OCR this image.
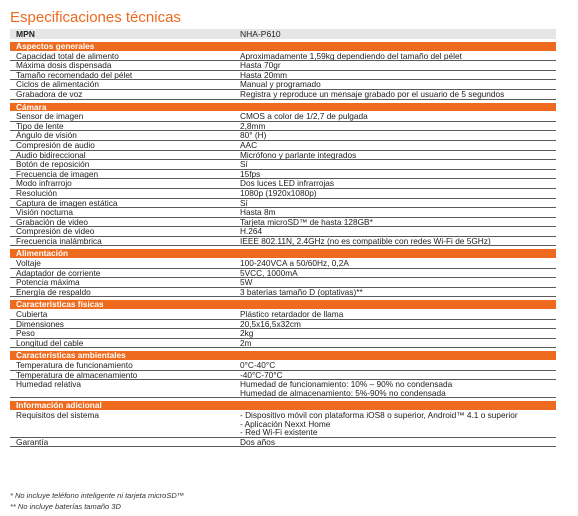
Especificaciones técnicas
MPN	NHA-P610

Aspectos generales	
Capacidad total de alimento	Aproximadamente 1,59kg dependiendo del tamaño del pélet
Máxima dosis dispensada	Hasta 70gr
Tamaño recomendado del pélet	Hasta 20mm
Ciclos de alimentación	Manual y programado
Grabadora de voz	Registra y reproduce un mensaje grabado por el usuario de 5 segundos

Cámara	
Sensor de imagen	CMOS a color de 1/2,7 de pulgada
Tipo de lente	2,8mm
Ángulo de visión	80° (H)
Compresión de audio	AAC
Audio bidireccional	Micrófono y parlante integrados
Botón de reposición	Sí
Frecuencia de imagen	15fps
Modo infrarrojo	Dos luces LED infrarrojas
Resolución	1080p (1920x1080p)
Captura de imagen estática	Sí
Visión nocturna	Hasta 8m
Grabación de video	Tarjeta microSD™ de hasta 128GB*
Compresión de video	H.264
Frecuencia inalámbrica	IEEE 802.11N, 2.4GHz (no es compatible con redes Wi-Fi de 5GHz)

Alimentación	
Voltaje	100-240VCA a 50/60Hz, 0,2A
Adaptador de corriente	5VCC, 1000mA
Potencia máxima	5W
Energía de respaldo	3 baterías tamaño D (optativas)**

Características físicas	
Cubierta	Plástico retardador de llama
Dimensiones	20,5x16,5x32cm
Peso	2kg
Longitud del cable	2m

Características ambientales	
Temperatura de funcionamiento	0°C-40°C
Temperatura de almacenamiento	-40°C-70°C
Humedad relativa	Humedad de funcionamiento: 10% – 90% no condensada
Humedad de almacenamiento: 5%-90% no condensada

Información adicional	
Requisitos del sistema	- Dispositivo móvil con plataforma iOS8 o superior, Android™ 4.1 o superior
- Aplicación Nexxt Home
- Red Wi-Fi existente

Garantía	Dos años
* No incluye teléfono inteligente ni tarjeta microSD™
** No incluye baterías tamaño 3D
